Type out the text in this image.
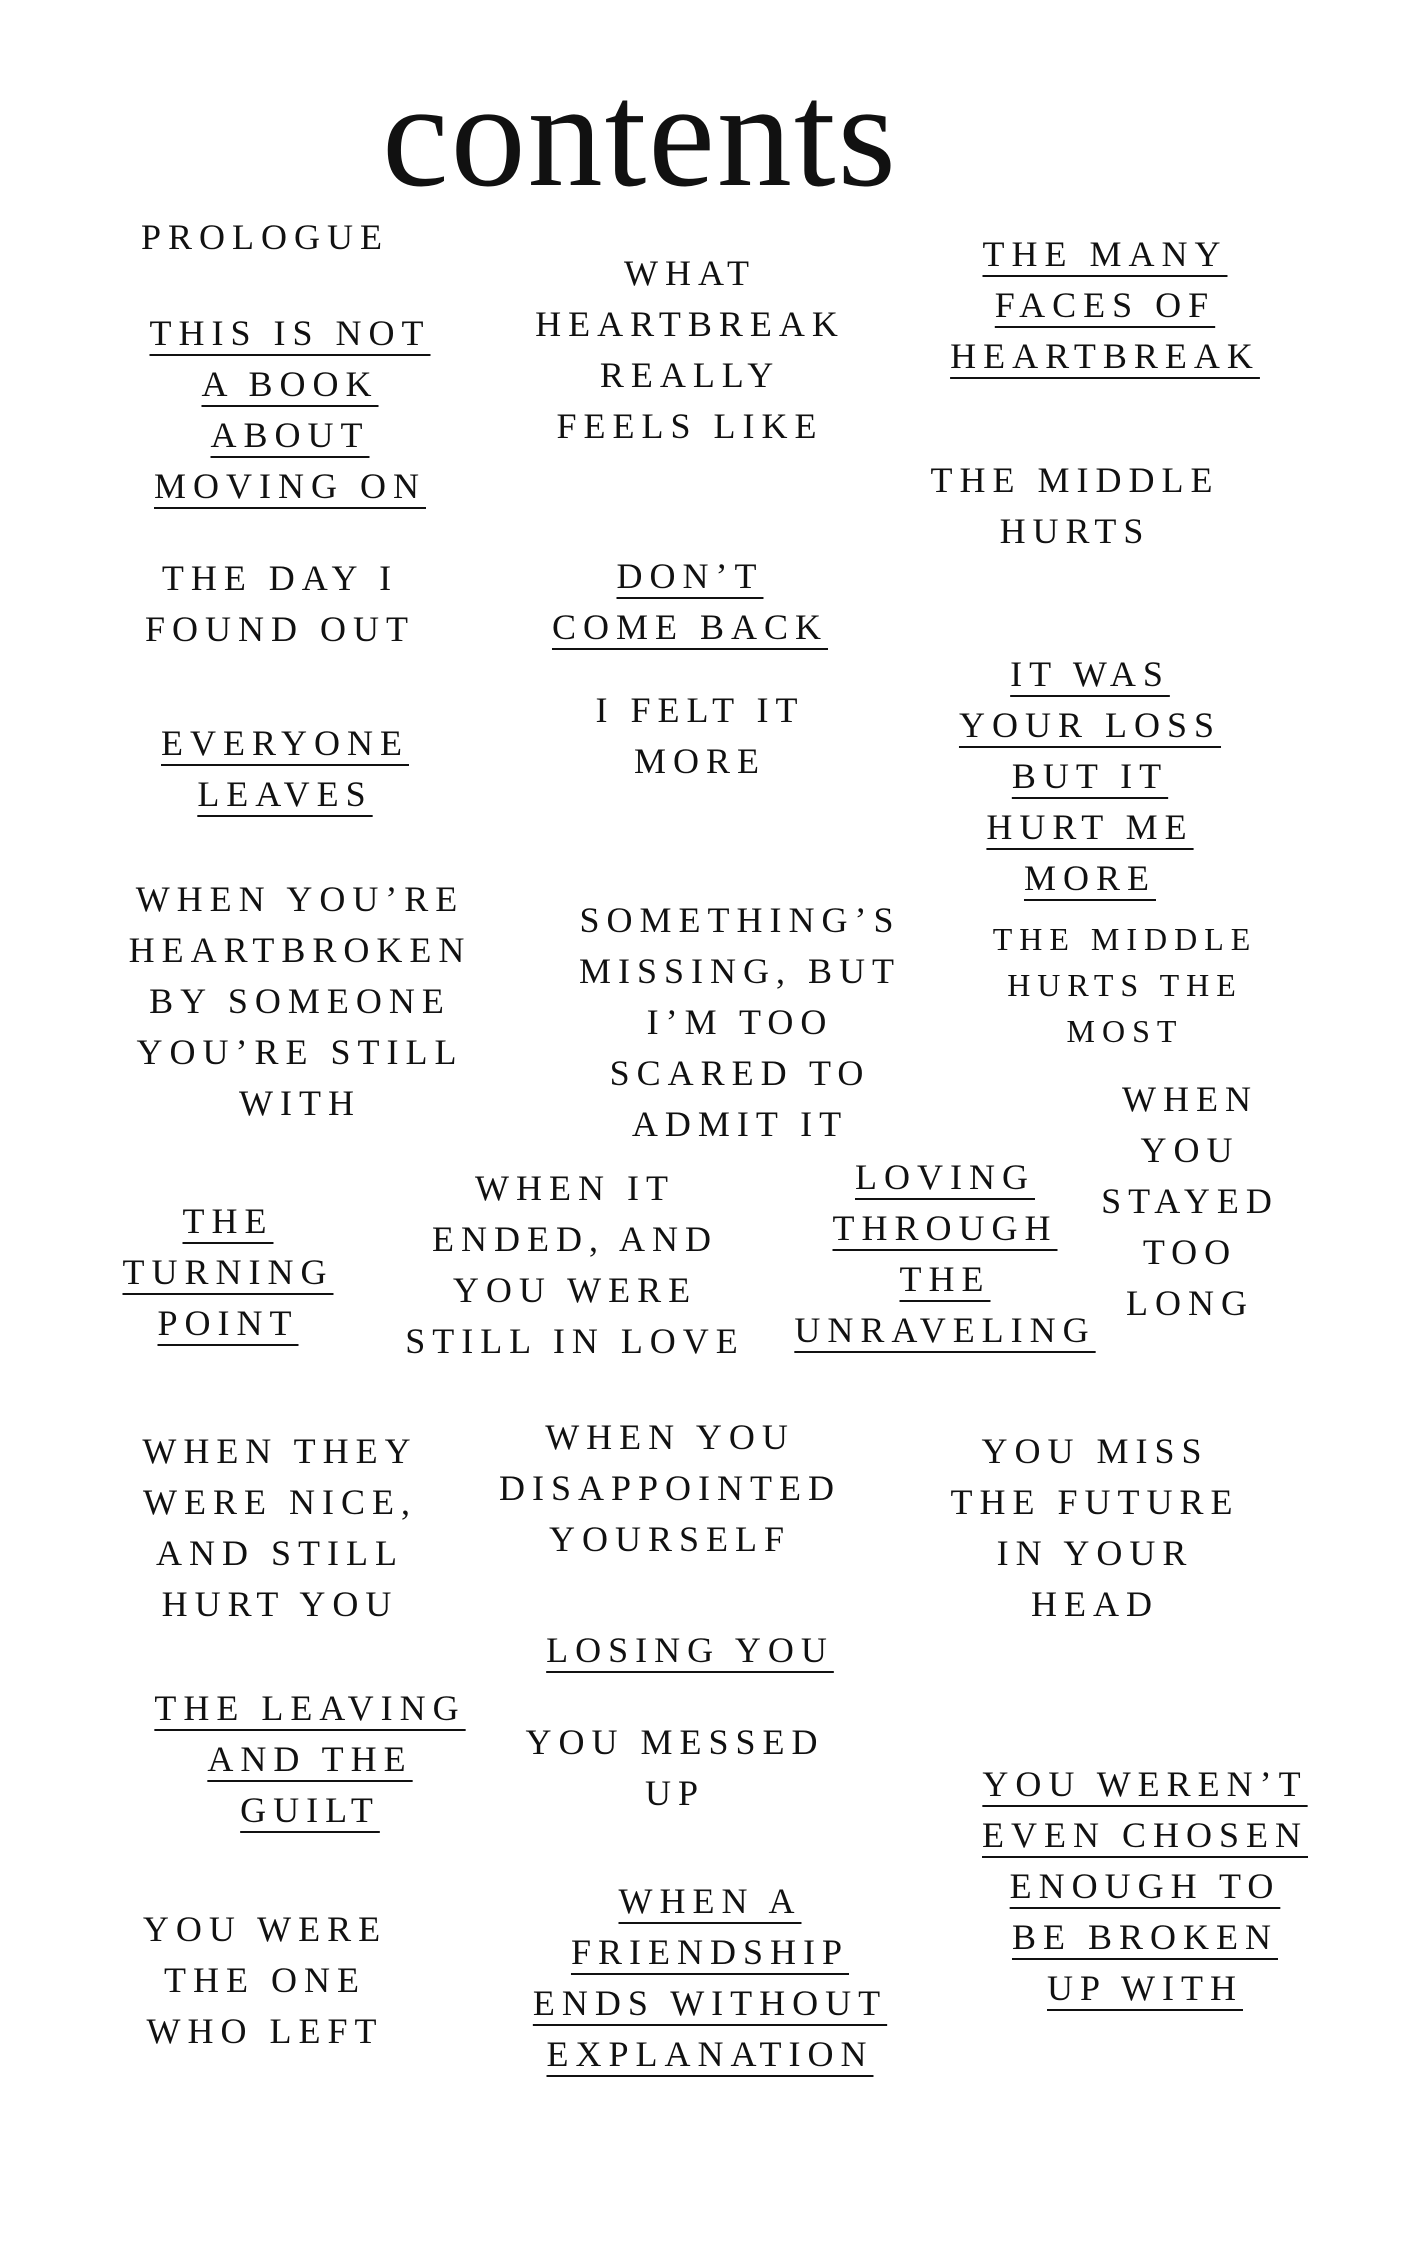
contents
PROLOGUE
THIS IS NOT
A BOOK
ABOUT
MOVING ON
THE DAY I
FOUND OUT
EVERYONE
LEAVES
WHEN YOU’RE
HEARTBROKEN
BY SOMEONE
YOU’RE STILL
WITH
THE
TURNING
POINT
WHEN THEY
WERE NICE,
AND STILL
HURT YOU
THE LEAVING
AND THE
GUILT
YOU WERE
THE ONE
WHO LEFT
WHAT
HEARTBREAK
REALLY
FEELS LIKE
DON’T
COME BACK
I FELT IT
MORE
SOMETHING’S
MISSING, BUT
I’M TOO
SCARED TO
ADMIT IT
WHEN IT
ENDED, AND
YOU WERE
STILL IN LOVE
LOVING
THROUGH
THE
UNRAVELING
WHEN YOU
DISAPPOINTED
YOURSELF
LOSING YOU
YOU MESSED
UP
WHEN A
FRIENDSHIP
ENDS WITHOUT
EXPLANATION
THE MANY
FACES OF
HEARTBREAK
THE MIDDLE
HURTS
IT WAS
YOUR LOSS
BUT IT
HURT ME
MORE
THE MIDDLE
HURTS THE
MOST
WHEN
YOU
STAYED
TOO
LONG
YOU MISS
THE FUTURE
IN YOUR
HEAD
YOU WEREN’T
EVEN CHOSEN
ENOUGH TO
BE BROKEN
UP WITH
